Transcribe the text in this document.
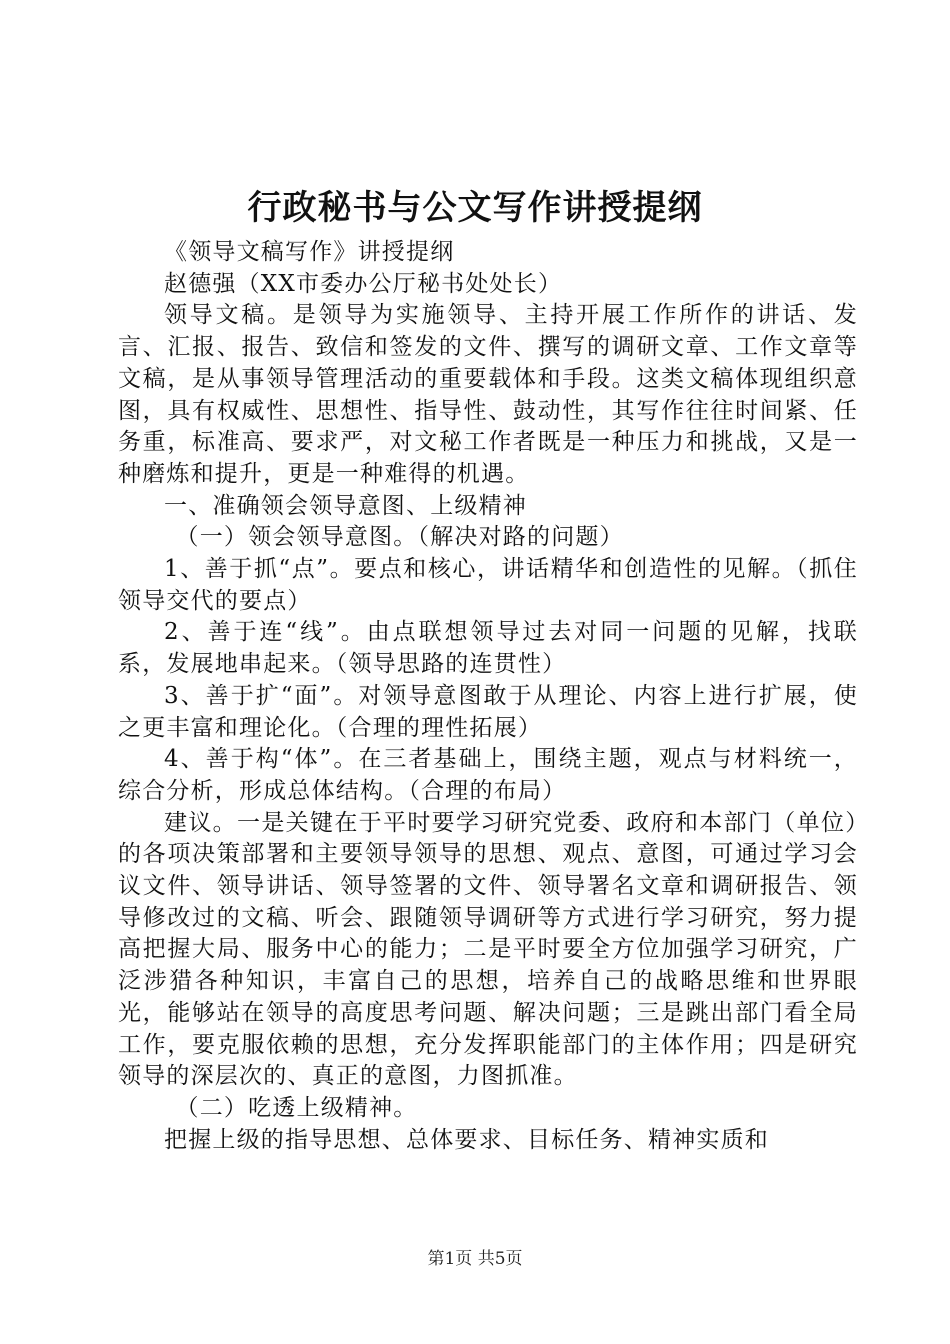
行政秘书与公文写作讲授提纲

《领导文稿写作》讲授提纲

赵德强（XX市委办公厅秘书处处长）

领导文稿。是领导为实施领导、主持开展工作所作的讲话、发言、汇报、报告、致信和签发的文件、撰写的调研文章、工作文章等文稿，是从事领导管理活动的重要载体和手段。这类文稿体现组织意图，具有权威性、思想性、指导性、鼓动性，其写作往往时间紧、任务重，标准高、要求严，对文秘工作者既是一种压力和挑战，又是一种磨炼和提升，更是一种难得的机遇。

一、准确领会领导意图、上级精神

（一）领会领导意图。（解决对路的问题）

1、善于抓“点”。要点和核心，讲话精华和创造性的见解。（抓住领导交代的要点）

2、善于连“线”。由点联想领导过去对同一问题的见解，找联系，发展地串起来。（领导思路的连贯性）

3、善于扩“面”。对领导意图敢于从理论、内容上进行扩展，使之更丰富和理论化。（合理的理性拓展）

4、善于构“体”。在三者基础上，围绕主题，观点与材料统一，综合分析，形成总体结构。（合理的布局）

建议。一是关键在于平时要学习研究党委、政府和本部门（单位）的各项决策部署和主要领导领导的思想、观点、意图，可通过学习会议文件、领导讲话、领导签署的文件、领导署名文章和调研报告、领导修改过的文稿、听会、跟随领导调研等方式进行学习研究，努力提高把握大局、服务中心的能力；二是平时要全方位加强学习研究，广泛涉猎各种知识，丰富自己的思想，培养自己的战略思维和世界眼光，能够站在领导的高度思考问题、解决问题；三是跳出部门看全局工作，要克服依赖的思想，充分发挥职能部门的主体作用；四是研究领导的深层次的、真正的意图，力图抓准。

（二）吃透上级精神。

把握上级的指导思想、总体要求、目标任务、精神实质和

第1页 共5页
